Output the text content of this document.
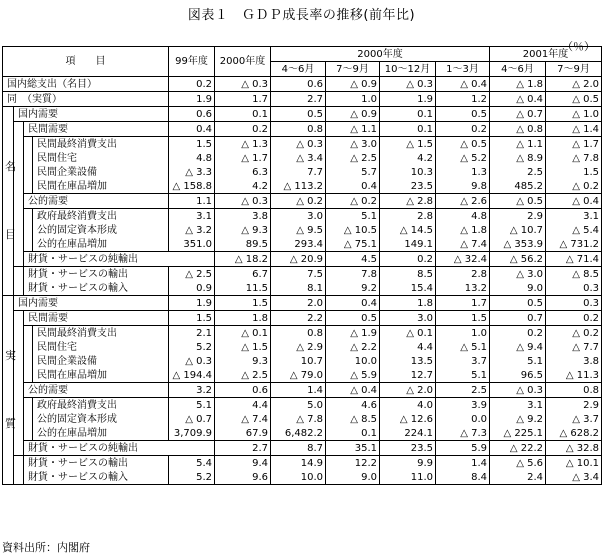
図表１　ＧＤＰ成長率の推移(前年比)
（％）
項　　目				99年度	2000年度	2000年度				2001年度		
						4～6月	7～9月	10～12月	1～3月	4～6月	7～9月	
国内総支出（名目）				0.2	△ 0.3	0.6	△ 0.9	△ 0.3	△ 0.4	△ 1.8	△ 2.0	
同　（実質）				1.9	1.7	2.7	1.0	1.9	1.2	△ 0.4	△ 0.5	

名
目	国内需要			0.6	0.1	0.5	△ 0.9	0.1	0.5	△ 0.7	△ 1.0	
		民間需要		0.4	0.2	0.8	△ 1.1	0.1	0.2	△ 0.8	△ 1.4	
			民間最終消費支出	1.5	△ 1.3	△ 0.3	△ 3.0	△ 1.5	△ 0.5	△ 1.1	△ 1.7	
			民間住宅	4.8	△ 1.7	△ 3.4	△ 2.5	4.2	△ 5.2	△ 8.9	△ 7.8	
			民間企業設備	△ 3.3	6.3	7.7	5.7	10.3	1.3	2.5	1.5	
			民間在庫品増加	△ 158.8	4.2	△ 113.2	0.4	23.5	9.8	485.2	△ 0.2	
		公的需要		1.1	△ 0.3	△ 0.2	△ 0.2	△ 2.8	△ 2.6	△ 0.5	△ 0.4	
			政府最終消費支出	3.1	3.8	3.0	5.1	2.8	4.8	2.9	3.1	
			公的固定資本形成	△ 3.2	△ 9.3	△ 9.5	△ 10.5	△ 14.5	△ 1.8	△ 10.7	△ 5.4	
			公的在庫品増加	351.0	89.5	293.4	△ 75.1	149.1	△ 7.4	△ 353.9	△ 731.2	
		財貨・サービスの純輸出			△ 18.2	△ 20.9	4.5	0.2	△ 32.4	△ 56.2	△ 71.4	
		財貨・サービスの輸出		△ 2.5	6.7	7.5	7.8	8.5	2.8	△ 3.0	△ 8.5	
		財貨・サービスの輸入		0.9	11.5	8.1	9.2	15.4	13.2	9.0	0.3	

実
質	国内需要			1.9	1.5	2.0	0.4	1.8	1.7	0.5	0.3	
		民間需要		1.5	1.8	2.2	0.5	3.0	1.5	0.7	0.2	
			民間最終消費支出	2.1	△ 0.1	0.8	△ 1.9	△ 0.1	1.0	0.2	△ 0.2	
			民間住宅	5.2	△ 1.5	△ 2.9	△ 2.2	4.4	△ 5.1	△ 9.4	△ 7.7	
			民間企業設備	△ 0.3	9.3	10.7	10.0	13.5	3.7	5.1	3.8	
			民間在庫品増加	△ 194.4	△ 2.5	△ 79.0	△ 5.9	12.7	5.1	96.5	△ 11.3	
		公的需要		3.2	0.6	1.4	△ 0.4	△ 2.0	2.5	△ 0.3	0.8	
			政府最終消費支出	5.1	4.4	5.0	4.6	4.0	3.9	3.1	2.9	
			公的固定資本形成	△ 0.7	△ 7.4	△ 7.8	△ 8.5	△ 12.6	0.0	△ 9.2	△ 3.7	
			公的在庫品増加	3,709.9	67.9	6,482.2	0.1	224.1	△ 7.3	△ 225.1	△ 628.2	
		財貨・サービスの純輸出			2.7	8.7	35.1	23.5	5.9	△ 22.2	△ 32.8	
		財貨・サービスの輸出		5.4	9.4	14.9	12.2	9.9	1.4	△ 5.6	△ 10.1	
		財貨・サービスの輸入		5.2	9.6	10.0	9.0	11.0	8.4	2.4	△ 3.4	
資料出所：内閣府
